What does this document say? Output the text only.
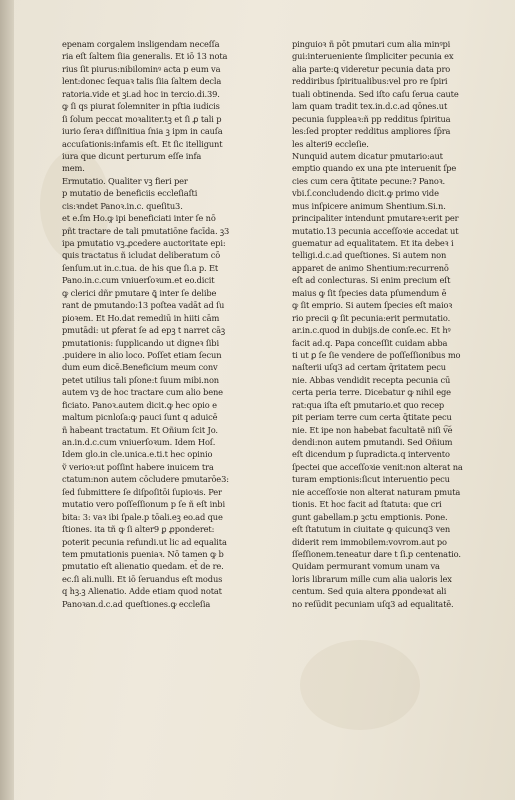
epenam corgalem insligendam neceſſa
ria eſt ſaltem ſiia generalis. Et iō 13 nota
rius ſit piurus:nibilominꝰ acta p eum va
lent:donec ſequaꝛ talis ſiia ſaltem decla
ratoria.vide et ꝫi.ad hoc in tercio.di.39.
ꝙ ſi qs piurat ſolemniter in pſtia iudicis
ſi ſolum peccat moꝛaliter.tꝫ et ſi ꝓ tali p
iurio ſeraꝛ diſſinitiua ſnia ꝫ ipm in cauſa
accuſationis:infamis eſt. Et ſic itelligunt
iura que dicunt perturum eſſe infa
mem.
Ermutatio. Qualiter vꝫ fieri per
p mutatio de beneficiis eccleſiaſti
cis:ꝛndet Panoꝛ.in.c. queſitu3.
et e.ſm Ho.ꝙ ipi beneficiati inter ſe nō
pñt tractare de tali pmutatiōne facīda. ꝫ3
ipa pmutatio vꝫ.ꝓcedere auctoritate epi:
ꝗuis tractatus ñ icludat deliberatum cō
ſenſum.ut in.c.tua. de his que ſi.a p. Et
Pano.in.c.cum vniuerſoꝛum.et eo.dicit
ꝙ clerici dñr pmutare ꝗ̄ inter ſe delibe
rant de pmutando:13 poſtea vadāt ad ſu
pioꝛem. Et Ho.dat remediū in hiiti cām
pmutādi: ut ꝑferat ſe ad epꝫ t narret cāꝫ
pmutationis: ſupplicando ut digneꝛ ſibi
.puidere in alio loco. Poſſet etiam ſecun
dum eum dicē.Beneficium meum conv
petet utilius tali pſone:t ſuum mibi.non
autem vꝫ de hoc tractare cum alio bene
ficiato. Panoꝛ.autem dicit.ꝙ hec opio e
maltum picnloſa:ꝙ pauci ſunt q aduicē
ñ habeant tractatum. Et Oñium ſcit Jo.
an.in.d.c.cum vniuerſoꝛum. Idem Hoſ.
Idem glo.in cle.unica.e.ti.t hec opinio
ṽ verioꝛ:ut poſſint habere inuicem tra
ctatum:non autem cōcludere pmutarōe3:
ſed ſubmittere ſe diſpoſitōi ſupioꝛis. Per
mutatio vero poſſeſſionum p ſe ñ eſt inbi
bita: 3: vaꝛ ibi ſpale.p tōali.eꝫ eo.ad que
ſtiones. ita tñ ꝙ ſi alter9 ꝑ ꝓponderet:
poterit pecunia refundi.ut lic ad equalita
tem pmutationis pueniaꝛ. Nō tamen ꝙ b
pmutatio eſt alienatio quedam. et̄ de re.
ec.ſi ali.nulli. Et iō ſeruandus eſt modus
q hꝫ.ꝫ Alienatio. Adde etiam quod notat
Panoꝛan.d.c.ad queſtiones.ꝙ eccleſia
pinguioꝛ ñ pōt pmutari cum alia minꝰpi
gui:interueniente ſimpliciter pecunia ex
alia parte:ꝗ videretur pecunia data pro
reddiribus ſpiritualibus:vel pro re ſpiri
tuali obtinenda. Sed iſto caſu ſerua caute
lam quam tradit tex.in.d.c.ad qōnes.ut
pecunia ſuppleaꝛ:ñ pp redditus ſpiritua
les:ſed propter redditus ampliores ſp̄ra
les alteri9 eccleſie.
Nunquid autem dicatur pmutario:aut
emptio quando ex una pte interuenit ſpe
cies cum cera q̄titate pecune:? Panoꝛ.
vbi.ſ.concludendo dicit.ꝙ primo vide
mus inſpicere animum Shentium.Si.n.
principaliter intendunt pmutareꝛ:erit per
mutatio.13 pecunia acceſſoꝛie accedat ut
guematur ad equalitatem. Et ita debeꝛ i
telligi.d.c.ad queſtiones. Si autem non
apparet de animo Shentium:recurrenō
eſt ad conlecturas. Si enim precium eſt
maius ꝙ ſit ſpecies data pſumendum ē
ꝙ ſit emprio. Si autem ſpecies eſt maioꝛ
rio precii ꝙ ſit pecunia:erit permutatio.
ar.in.c.quod in dubijs.de conſe.ec. Et hꝰ
facit ad.q. Papa conceſſit cuidam abba
ti ut ꝑ ſe ſie vendere de poſſeſſionibus mo
naſterii uſq3 ad certam q̄ritatem pecu
nie. Abbas vendidit recepta pecunia cū
certa peria terre. Dicebatur ꝙ nihil ege
rat:qua iſta eſt pmutario.et quo recep
pit periam terre cum certa q̄titate pecu
nie. Et ipe non habebat facultatẽ niſi v͠e
dendi:non autem pmutandi. Sed Oñium
eſt dicendum p ſupradicta.q intervento
ſpectei que acceſſoꝛie venit:non alterat na
turam emptionis:ſicut interuentio pecu
nie acceſſoꝛie non alterat naturam pmuta
tionis. Et hoc facit ad ſtatuta: que cri
gunt gabellam.p ꝫctu emptionis. Pone.
eſt ſtatutum in ciuitate ꝙ quicunq3 ven
diderit rem immobilem:vovrom.aut po
ſſeſſionem.teneatur dare t ſi.p centenatio.
Quidam permurant vomum unam va
loris librarum mille cum alia ualoris lex
centum. Sed quia altera ꝑpondeꝛat ali
no reſūdit pecuniam uſq3 ad equalitatē.
